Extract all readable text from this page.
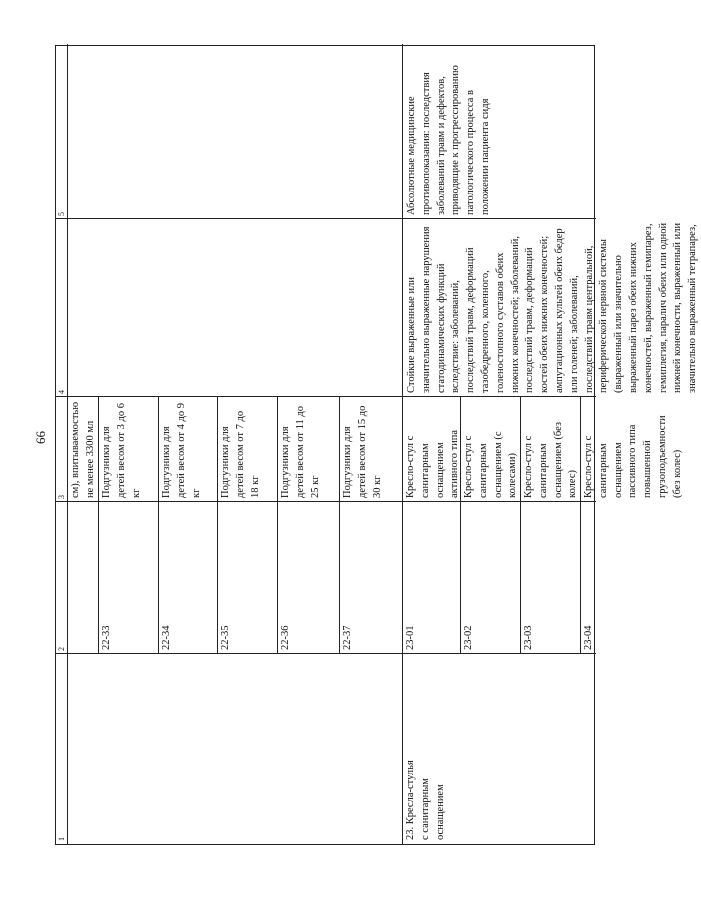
66
1
2
3
4
5
см), впитываемостью не менее 3300 мл
22-33
Подгузники для детей весом от 3 до 6 кг
22-34
Подгузники для детей весом от 4 до 9 кг
22-35
Подгузники для детей весом от 7 до 18 кг
22-36
Подгузники для детей весом от 11 до 25 кг
22-37
Подгузники для детей весом от 15 до 30 кг
23. Кресла-стулья с санитарным оснащением
Стойкие выраженные или значительно выраженные нарушения статодинамических функций вследствие: заболеваний, последствий травм, деформаций тазобедренного, коленного, голеностопного суставов обеих нижних конечностей; заболеваний, последствий травм, деформаций костей обеих нижних конечностей; ампутационных культей обеих бедер или голеней; заболеваний, последствий травм центральной, периферической нервной системы (выраженный или значительно выраженный парез обеих нижних конечностей, выраженный гемипарез, гемиплегия, паралич обеих или одной нижней конечности, выраженный или значительно выраженный тетрапарез,
Абсолютные медицинские противопоказания: последствия заболеваний травм и дефектов, приводящие к прогрессированию патологического процесса в положении пациента сидя
23-01
Кресло-стул с санитарным оснащением активного типа
23-02
Кресло-стул с санитарным оснащением (с колесами)
23-03
Кресло-стул с санитарным оснащением (без колес)
23-04
Кресло-стул с санитарным оснащением пассивного типа повышенной грузоподъемности (без колес)
